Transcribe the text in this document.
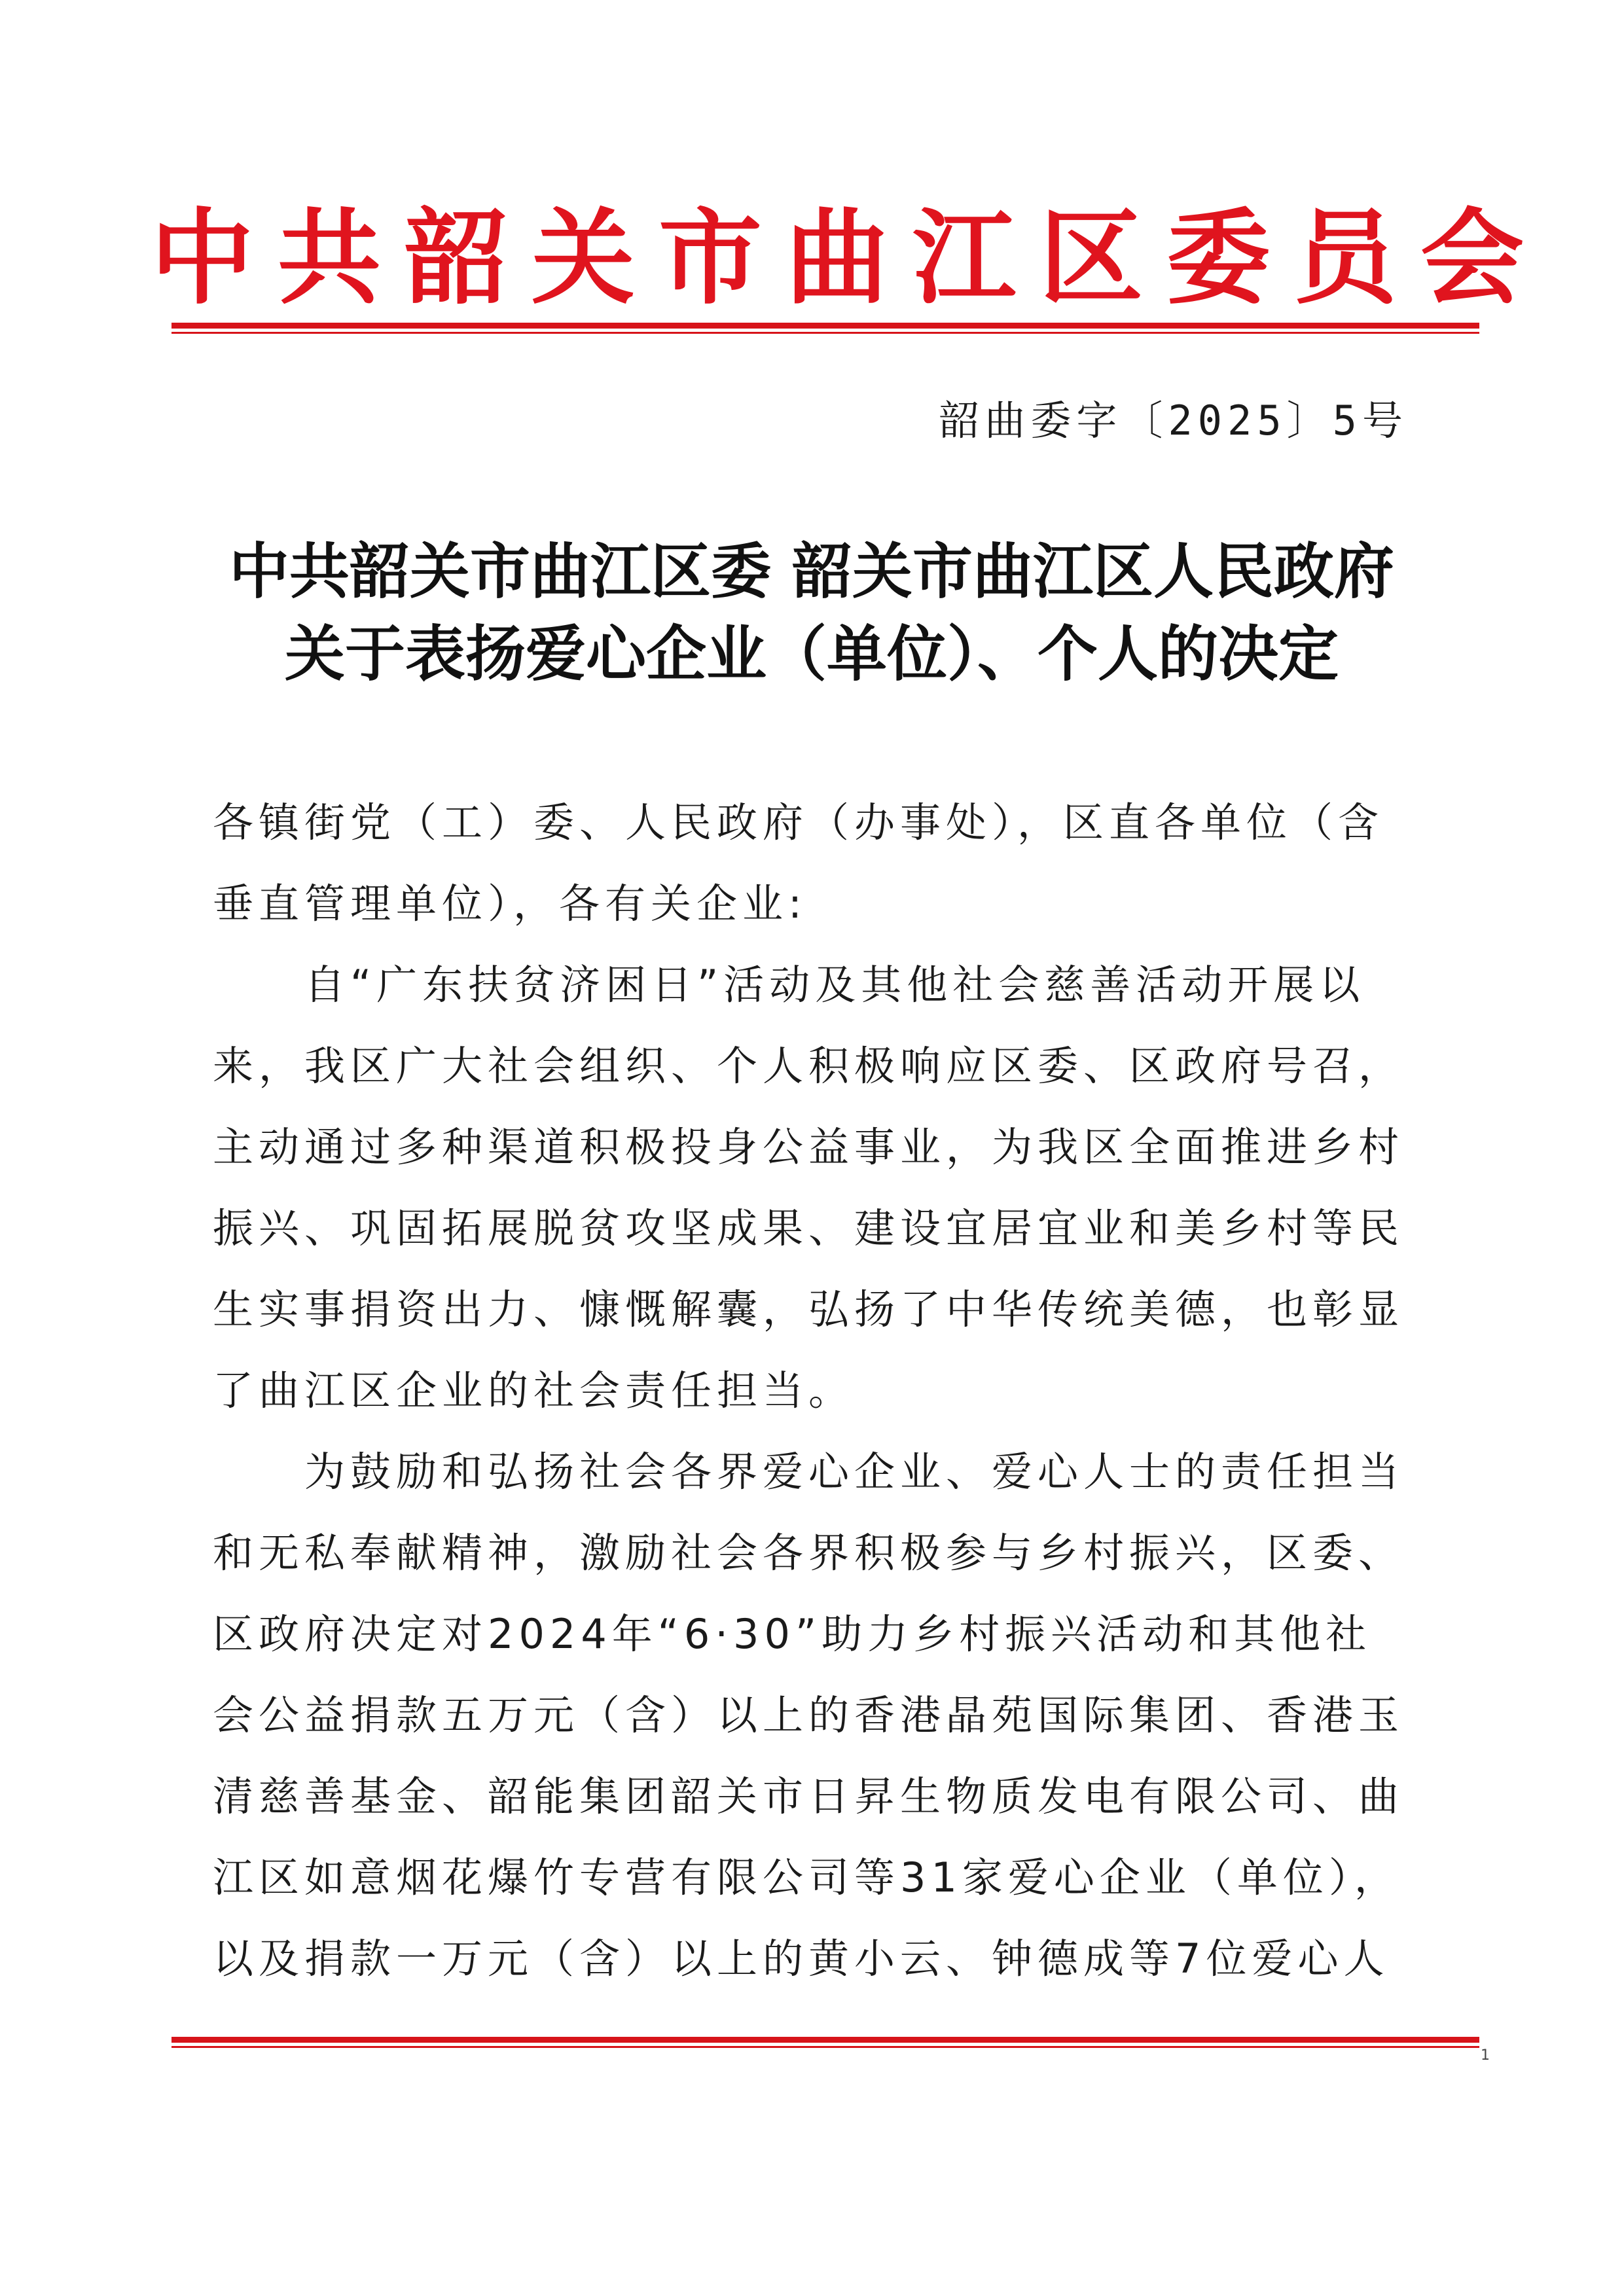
中共韶关市曲江区委员会
韶曲委字〔2025〕5号
中共韶关市曲江区委 韶关市曲江区人民政府
关于表扬爱心企业（单位）、个人的决定

各镇街党（工）委、人民政府（办事处），区直各单位（含垂直管理单位），各有关企业:

自“广东扶贫济困日”活动及其他社会慈善活动开展以来，我区广大社会组织、个人积极响应区委、区政府号召，主动通过多种渠道积极投身公益事业，为我区全面推进乡村振兴、巩固拓展脱贫攻坚成果、建设宜居宜业和美乡村等民生实事捐资出力、慷慨解囊，弘扬了中华传统美德，也彰显了曲江区企业的社会责任担当。

为鼓励和弘扬社会各界爱心企业、爱心人士的责任担当和无私奉献精神，激励社会各界积极参与乡村振兴，区委、区政府决定对2024年“6·30”助力乡村振兴活动和其他社会公益捐款五万元（含）以上的香港晶苑国际集团、香港玉清慈善基金、韶能集团韶关市日昇生物质发电有限公司、曲江区如意烟花爆竹专营有限公司等31家爱心企业（单位），以及捐款一万元（含）以上的黄小云、钟德成等7位爱心人

1
